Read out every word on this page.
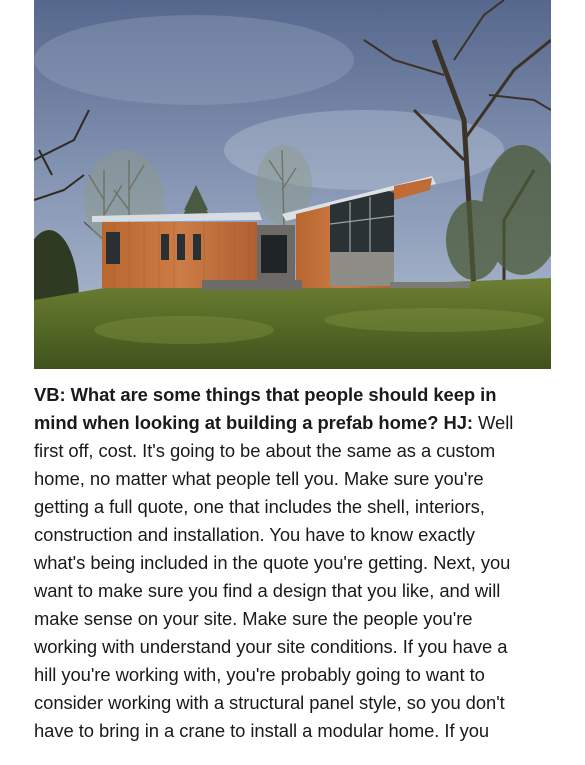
VB: What are some things that people should keep in
mind when looking at building a prefab home? HJ: Well
first off, cost. It's going to be about the same as a custom
home, no matter what people tell you. Make sure you're
getting a full quote, one that includes the shell, interiors,
construction and installation. You have to know exactly
what's being included in the quote you're getting. Next, you
want to make sure you find a design that you like, and will
make sense on your site. Make sure the people you're
working with understand your site conditions. If you have a
hill you're working with, you're probably going to want to
consider working with a structural panel style, so you don't
have to bring in a crane to install a modular home. If you
